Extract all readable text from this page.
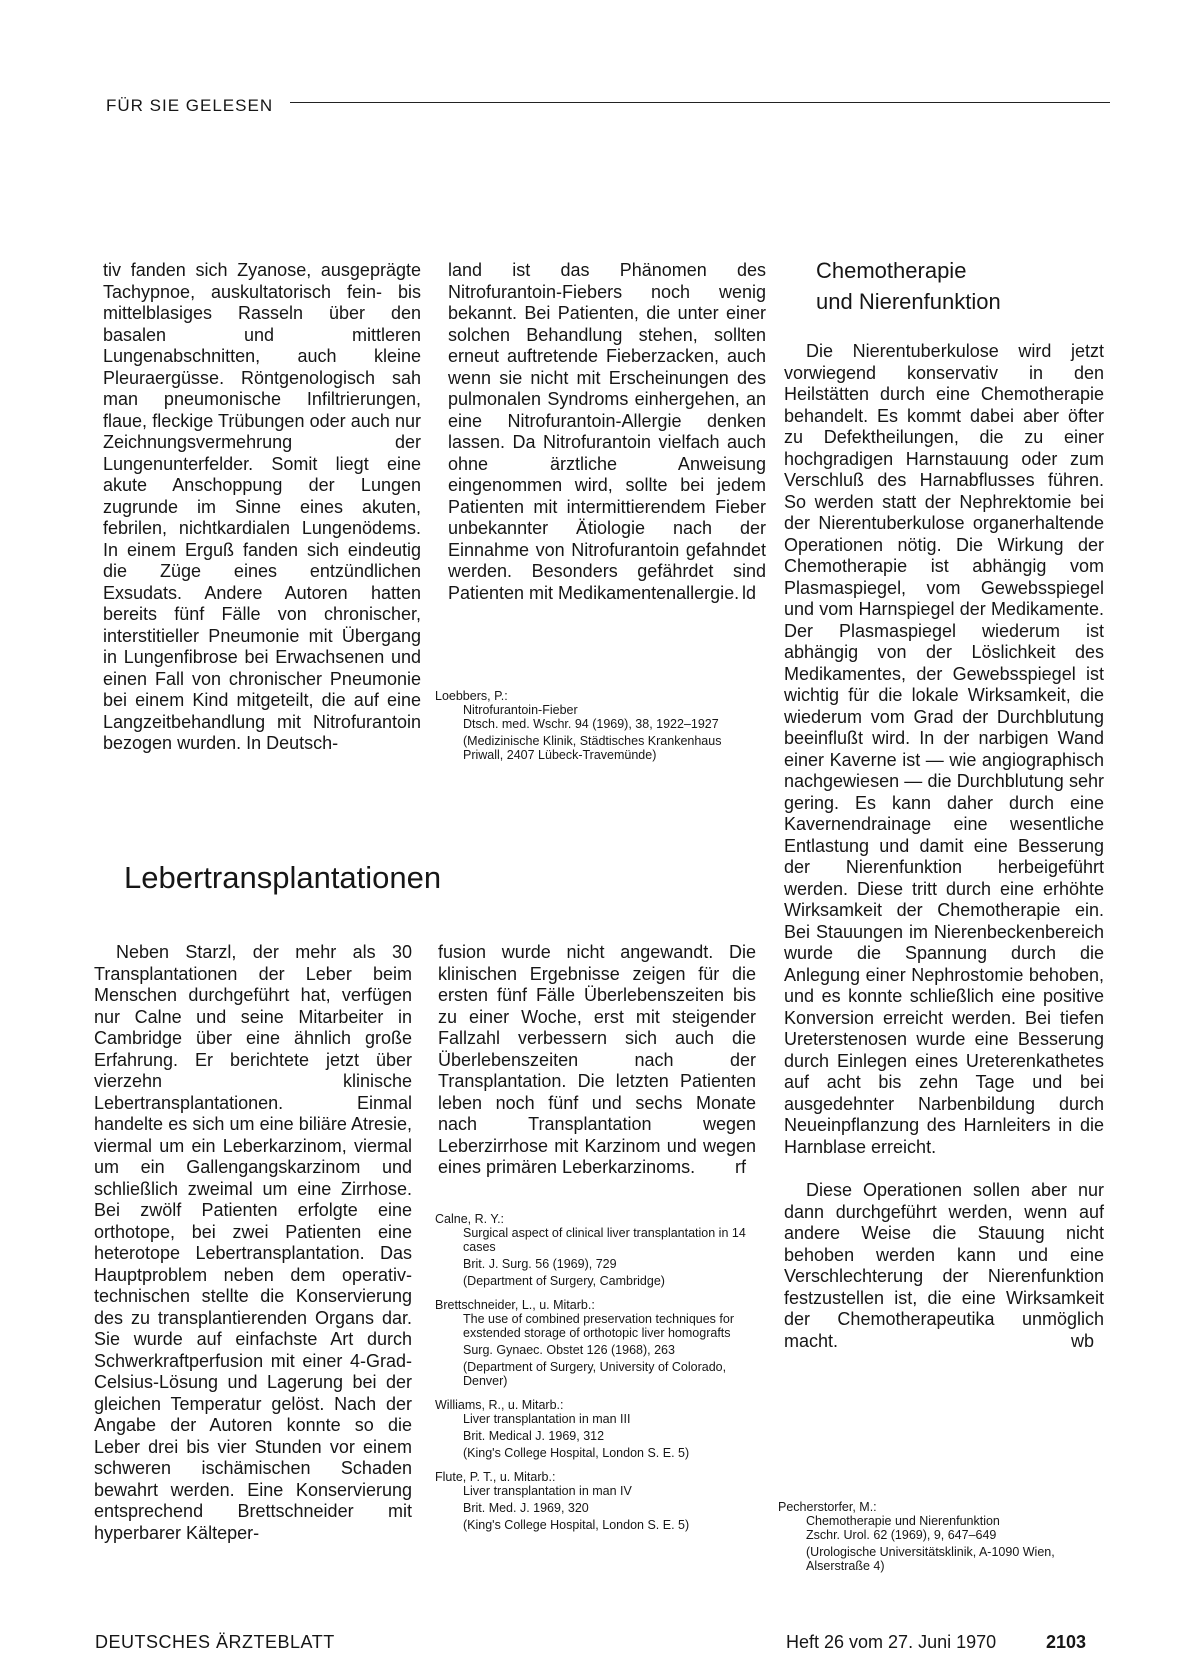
FÜR SIE GELESEN

tiv fanden sich Zyanose, ausgeprägte Tachypnoe, auskultatorisch fein- bis mittelblasiges Rasseln über den basalen und mittleren Lungenabschnitten, auch kleine Pleuraergüsse. Röntgenologisch sah man pneumonische Infiltrierungen, flaue, fleckige Trübungen oder auch nur Zeichnungsvermehrung der Lungenunterfelder. Somit liegt eine akute Anschoppung der Lungen zugrunde im Sinne eines akuten, febrilen, nichtkardialen Lungenödems. In einem Erguß fanden sich eindeutig die Züge eines entzündlichen Exsudats. Andere Autoren hatten bereits fünf Fälle von chronischer, interstitieller Pneumonie mit Übergang in Lungenfibrose bei Erwachsenen und einen Fall von chronischer Pneumonie bei einem Kind mitgeteilt, die auf eine Langzeitbehandlung mit Nitrofurantoin bezogen wurden. In Deutsch-

land ist das Phänomen des Nitrofurantoin-Fiebers noch wenig bekannt. Bei Patienten, die unter einer solchen Behandlung stehen, sollten erneut auftretende Fieberzacken, auch wenn sie nicht mit Erscheinungen des pulmonalen Syndroms einhergehen, an eine Nitrofurantoin-Allergie denken lassen. Da Nitrofurantoin vielfach auch ohne ärztliche Anweisung eingenommen wird, sollte bei jedem Patienten mit intermittierendem Fieber unbekannter Ätiologie nach der Einnahme von Nitrofurantoin gefahndet werden. Besonders gefährdet sind Patienten mit Medikamentenallergie. ld

Loebbers, P.:

Nitrofurantoin-Fieber

Dtsch. med. Wschr. 94 (1969), 38, 1922–1927

(Medizinische Klinik, Städtisches Krankenhaus Priwall, 2407 Lübeck-Travemünde)

Lebertransplantationen

Neben Starzl, der mehr als 30 Transplantationen der Leber beim Menschen durchgeführt hat, verfügen nur Calne und seine Mitarbeiter in Cambridge über eine ähnlich große Erfahrung. Er berichtete jetzt über vierzehn klinische Lebertransplantationen. Einmal handelte es sich um eine biliäre Atresie, viermal um ein Leberkarzinom, viermal um ein Gallengangskarzinom und schließlich zweimal um eine Zirrhose. Bei zwölf Patienten erfolgte eine orthotope, bei zwei Patienten eine heterotope Lebertransplantation. Das Hauptproblem neben dem operativ-technischen stellte die Konservierung des zu transplantierenden Organs dar. Sie wurde auf einfachste Art durch Schwerkraftperfusion mit einer 4-Grad-Celsius-Lösung und Lagerung bei der gleichen Temperatur gelöst. Nach der Angabe der Autoren konnte so die Leber drei bis vier Stunden vor einem schweren ischämischen Schaden bewahrt werden. Eine Konservierung entsprechend Brettschneider mit hyperbarer Kälteper-

fusion wurde nicht angewandt. Die klinischen Ergebnisse zeigen für die ersten fünf Fälle Überlebenszeiten bis zu einer Woche, erst mit steigender Fallzahl verbessern sich auch die Überlebenszeiten nach der Transplantation. Die letzten Patienten leben noch fünf und sechs Monate nach Transplantation wegen Leberzirrhose mit Karzinom und wegen eines primären Leberkarzinoms. rf

Calne, R. Y.:

Surgical aspect of clinical liver transplantation in 14 cases

Brit. J. Surg. 56 (1969), 729

(Department of Surgery, Cambridge)

Brettschneider, L., u. Mitarb.:

The use of combined preservation techniques for exstended storage of orthotopic liver homografts

Surg. Gynaec. Obstet 126 (1968), 263

(Department of Surgery, University of Colorado, Denver)

Williams, R., u. Mitarb.:

Liver transplantation in man III

Brit. Medical J. 1969, 312

(King's College Hospital, London S. E. 5)

Flute, P. T., u. Mitarb.:

Liver transplantation in man IV

Brit. Med. J. 1969, 320

(King's College Hospital, London S. E. 5)

Chemotherapie
und Nierenfunktion

Die Nierentuberkulose wird jetzt vorwiegend konservativ in den Heilstätten durch eine Chemotherapie behandelt. Es kommt dabei aber öfter zu Defektheilungen, die zu einer hochgradigen Harnstauung oder zum Verschluß des Harnabflusses führen. So werden statt der Nephrektomie bei der Nierentuberkulose organerhaltende Operationen nötig. Die Wirkung der Chemotherapie ist abhängig vom Plasmaspiegel, vom Gewebsspiegel und vom Harnspiegel der Medikamente. Der Plasmaspiegel wiederum ist abhängig von der Löslichkeit des Medikamentes, der Gewebsspiegel ist wichtig für die lokale Wirksamkeit, die wiederum vom Grad der Durchblutung beeinflußt wird. In der narbigen Wand einer Kaverne ist — wie angiographisch nachgewiesen — die Durchblutung sehr gering. Es kann daher durch eine Kavernendrainage eine wesentliche Entlastung und damit eine Besserung der Nierenfunktion herbeigeführt werden. Diese tritt durch eine erhöhte Wirksamkeit der Chemotherapie ein. Bei Stauungen im Nierenbeckenbereich wurde die Spannung durch die Anlegung einer Nephrostomie behoben, und es konnte schließlich eine positive Konversion erreicht werden. Bei tiefen Ureterstenosen wurde eine Besserung durch Einlegen eines Ureterenkathetes auf acht bis zehn Tage und bei ausgedehnter Narbenbildung durch Neueinpflanzung des Harnleiters in die Harnblase erreicht.

Diese Operationen sollen aber nur dann durchgeführt werden, wenn auf andere Weise die Stauung nicht behoben werden kann und eine Verschlechterung der Nierenfunktion festzustellen ist, die eine Wirksamkeit der Chemotherapeutika unmöglich macht.	wb

Pecherstorfer, M.:

Chemotherapie und Nierenfunktion

Zschr. Urol. 62 (1969), 9, 647–649

(Urologische Universitätsklinik, A-1090 Wien, Alserstraße 4)

DEUTSCHES ÄRZTEBLATT	Heft 26 vom 27. Juni 1970	2103
